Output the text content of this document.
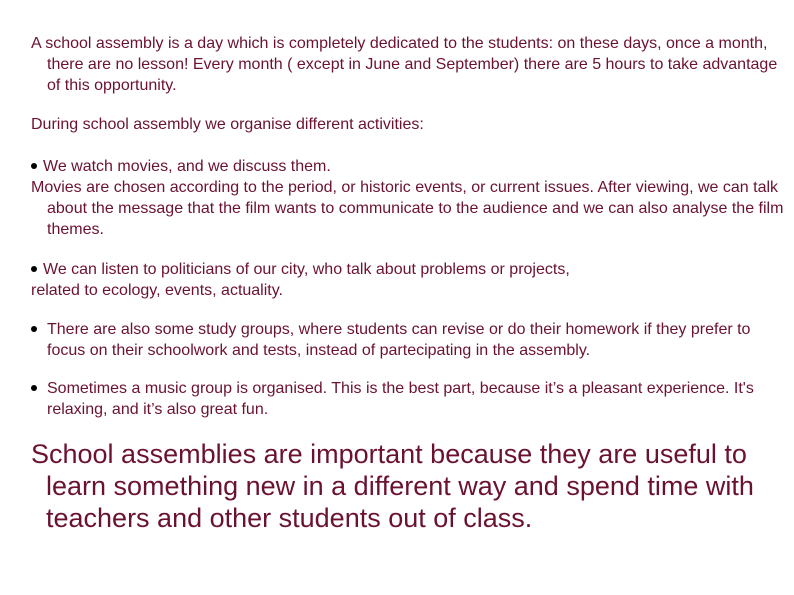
A school assembly is a day which is completely dedicated to the students: on these days, once a month, there are no lesson! Every month ( except in June and September) there are 5 hours to take advantage of this opportunity.

During school assembly we organise different activities:

We watch movies, and we discuss them.

Movies are chosen according to the period, or historic events, or current issues. After viewing, we can talk about the message that the film wants to communicate to the audience and we can also analyse the film themes.

We can listen to politicians of our city, who talk about problems or projects,

related to ecology, events, actuality.

There are also some study groups, where students can revise or do their homework if they prefer to focus on their schoolwork and tests, instead of partecipating in the assembly.
Sometimes a music group is organised. This is the best part, because it’s a pleasant experience. It's relaxing, and it’s also great fun.

School assemblies are important because they are useful to learn something new in a different way and spend time with teachers and other students out of class.
